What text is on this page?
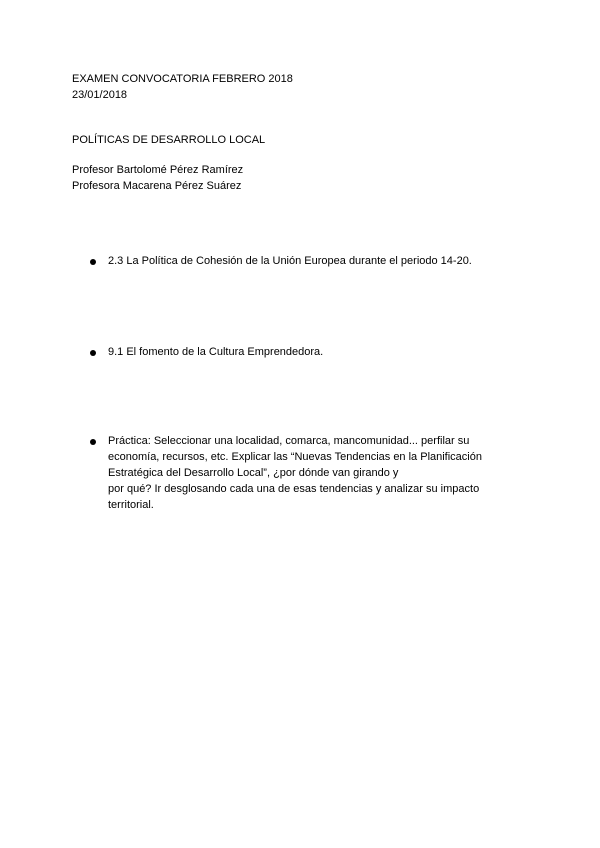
EXAMEN CONVOCATORIA FEBRERO 2018
23/01/2018
POLÍTICAS DE DESARROLLO LOCAL
Profesor Bartolomé Pérez Ramírez
Profesora Macarena Pérez Suárez
2.3 La Política de Cohesión de la Unión Europea durante el periodo 14-20.
9.1 El fomento de la Cultura Emprendedora.
Práctica: Seleccionar una localidad, comarca, mancomunidad... perfilar su
economía, recursos, etc. Explicar las “Nuevas Tendencias en la Planificación
Estratégica del Desarrollo Local”, ¿por dónde van girando y
por qué? Ir desglosando cada una de esas tendencias y analizar su impacto
territorial.
